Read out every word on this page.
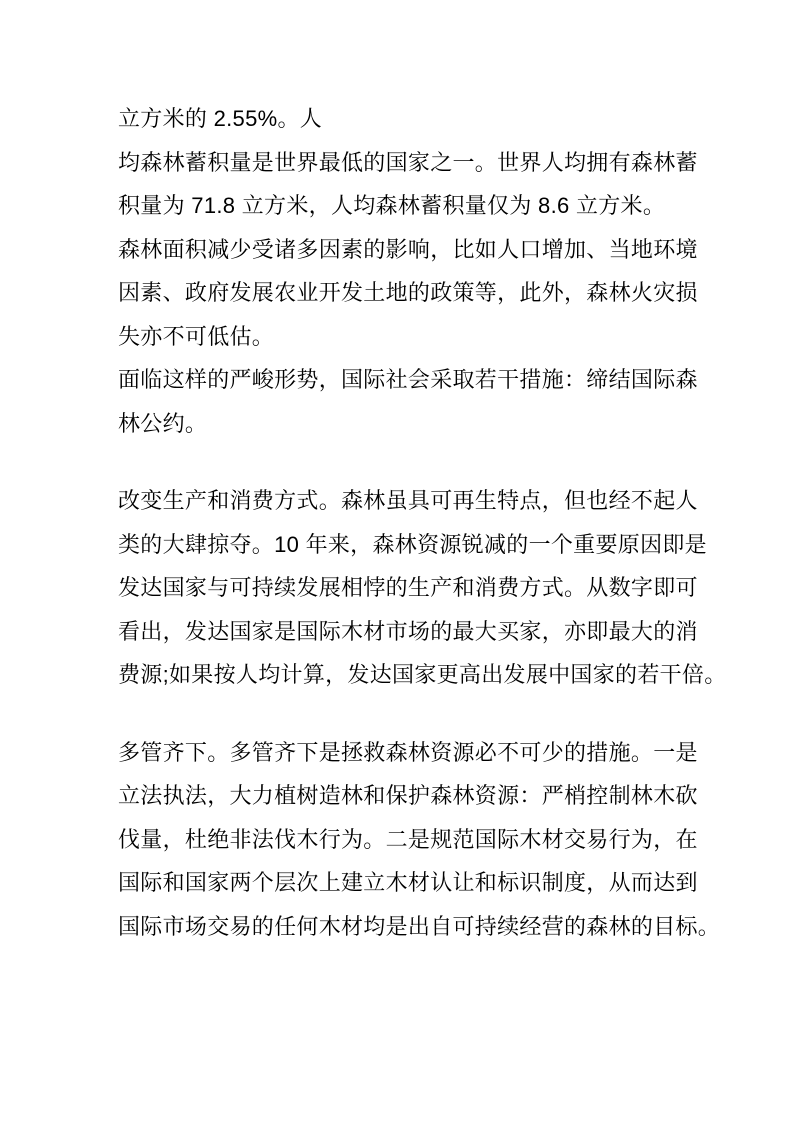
立方米的 2.55%。人
均森林蓄积量是世界最低的国家之一。世界人均拥有森林蓄
积量为 71.8 立方米，人均森林蓄积量仅为 8.6 立方米。
森林面积减少受诸多因素的影响，比如人口增加、当地环境
因素、政府发展农业开发土地的政策等，此外，森林火灾损
失亦不可低估。
面临这样的严峻形势，国际社会采取若干措施：缔结国际森
林公约。
改变生产和消费方式。森林虽具可再生特点，但也经不起人
类的大肆掠夺。10 年来，森林资源锐减的一个重要原因即是
发达国家与可持续发展相悖的生产和消费方式。从数字即可
看出，发达国家是国际木材市场的最大买家，亦即最大的消
费源;如果按人均计算，发达国家更高出发展中国家的若干倍。
多管齐下。多管齐下是拯救森林资源必不可少的措施。一是
立法执法，大力植树造林和保护森林资源：严梢控制林木砍
伐量，杜绝非法伐木行为。二是规范国际木材交易行为，在
国际和国家两个层次上建立木材认让和标识制度，从而达到
国际市场交易的任何木材均是出自可持续经营的森林的目标。
